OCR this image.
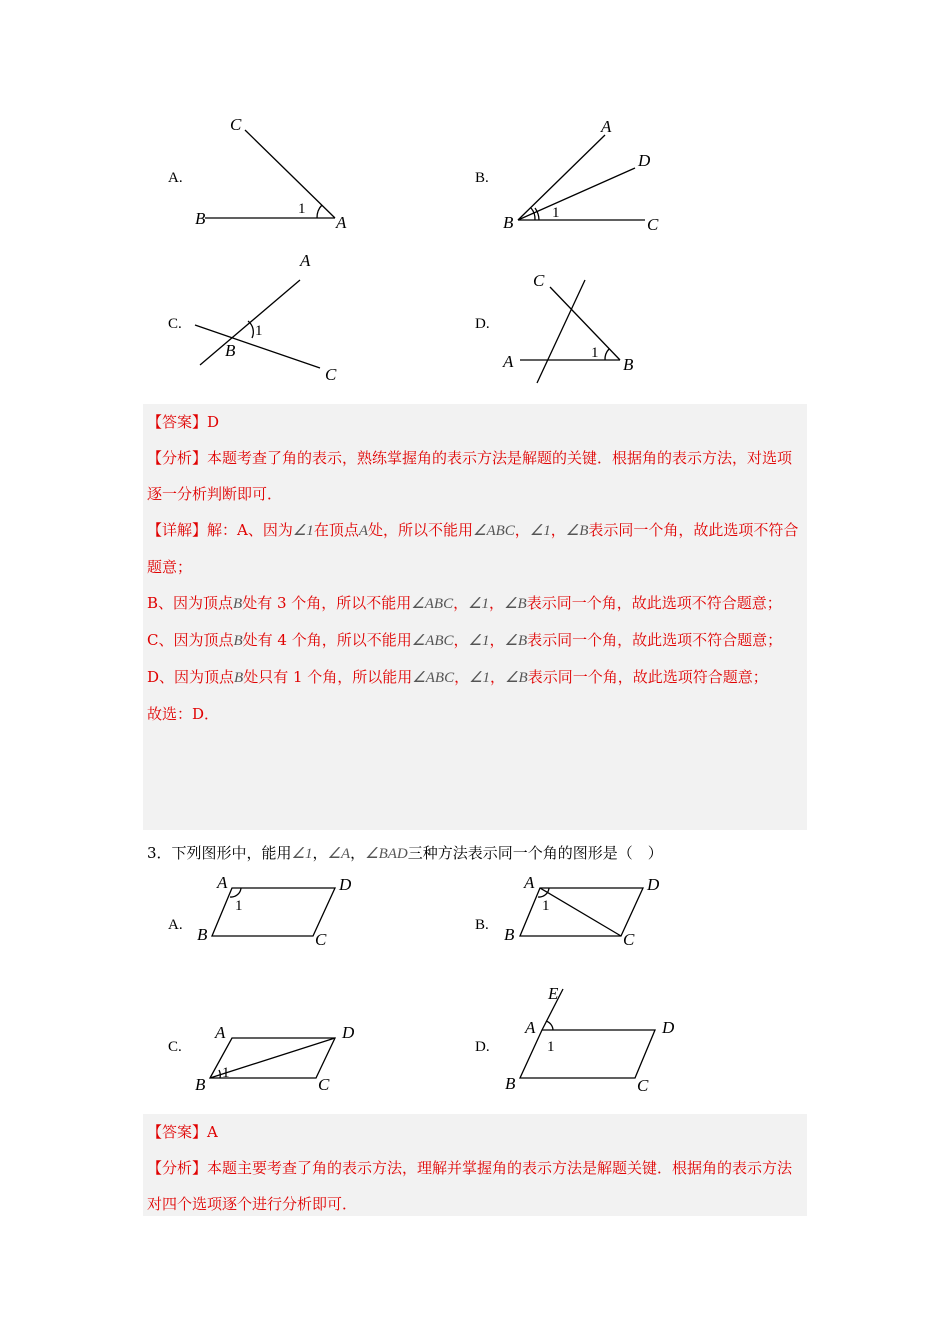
A.
C
B	A
1
B.
A
D
B	C
1
C.
A
B
C
1	D.
C
A	B
1

【答案】D

【分析】本题考查了角的表示，熟练掌握角的表示方法是解题的关键．根据角的表示方法，对选项逐一分析判断即可．

【详解】解：A、因为∠1在顶点A处，所以不能用∠ABC，∠1，∠B表示同一个角，故此选项不符合题意；

B、因为顶点B处有 3 个角，所以不能用∠ABC，∠1，∠B表示同一个角，故此选项不符合题意；

C、因为顶点B处有 4 个角，所以不能用∠ABC，∠1，∠B表示同一个角，故此选项不符合题意；

D、因为顶点B处只有 1 个角，所以能用∠ABC，∠1，∠B表示同一个角，故此选项符合题意；

故选：D．

3．下列图形中，能用∠1，∠A，∠BAD三种方法表示同一个角的图形是（　）
A.
A	D
B	C
1
B.
A	D
B	C
1
C.
A	D
B	C
1
D.
E
A	D
B	C
1

【答案】A

【分析】本题主要考查了角的表示方法，理解并掌握角的表示方法是解题关键．根据角的表示方法对四个选项逐个进行分析即可．
